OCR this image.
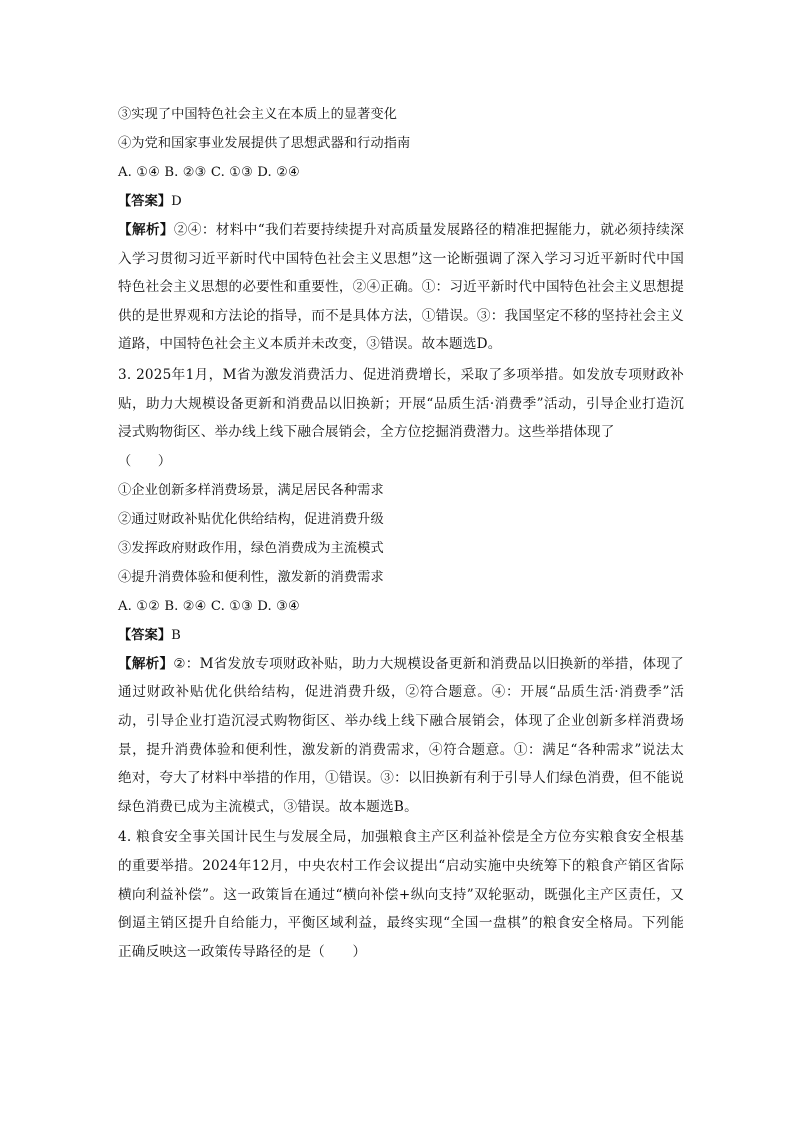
③实现了中国特色社会主义在本质上的显著变化
④为党和国家事业发展提供了思想武器和行动指南
A. ①④ B. ②③ C. ①③ D. ②④
【答案】D
【解析】②④：材料中“我们若要持续提升对高质量发展路径的精准把握能力，就必须持续深入学习贯彻习近平新时代中国特色社会主义思想”这一论断强调了深入学习习近平新时代中国特色社会主义思想的必要性和重要性，②④正确。①：习近平新时代中国特色社会主义思想提供的是世界观和方法论的指导，而不是具体方法，①错误。③：我国坚定不移的坚持社会主义道路，中国特色社会主义本质并未改变，③错误。故本题选D。
3. 2025年1月，M省为激发消费活力、促进消费增长，采取了多项举措。如发放专项财政补贴，助力大规模设备更新和消费品以旧换新；开展“品质生活·消费季”活动，引导企业打造沉浸式购物街区、举办线上线下融合展销会，全方位挖掘消费潜力。这些举措体现了
（　　）
①企业创新多样消费场景，满足居民各种需求
②通过财政补贴优化供给结构，促进消费升级
③发挥政府财政作用，绿色消费成为主流模式
④提升消费体验和便利性，激发新的消费需求
A. ①② B. ②④ C. ①③ D. ③④
【答案】B
【解析】②：M省发放专项财政补贴，助力大规模设备更新和消费品以旧换新的举措，体现了通过财政补贴优化供给结构，促进消费升级，②符合题意。④：开展“品质生活·消费季”活动，引导企业打造沉浸式购物街区、举办线上线下融合展销会，体现了企业创新多样消费场景，提升消费体验和便利性，激发新的消费需求，④符合题意。①：满足“各种需求”说法太绝对，夸大了材料中举措的作用，①错误。③：以旧换新有利于引导人们绿色消费，但不能说绿色消费已成为主流模式，③错误。故本题选B。
4. 粮食安全事关国计民生与发展全局，加强粮食主产区利益补偿是全方位夯实粮食安全根基的重要举措。2024年12月，中央农村工作会议提出“启动实施中央统筹下的粮食产销区省际横向利益补偿”。这一政策旨在通过“横向补偿+纵向支持”双轮驱动，既强化主产区责任，又倒逼主销区提升自给能力，平衡区域利益，最终实现“全国一盘棋”的粮食安全格局。下列能正确反映这一政策传导路径的是（　　）
